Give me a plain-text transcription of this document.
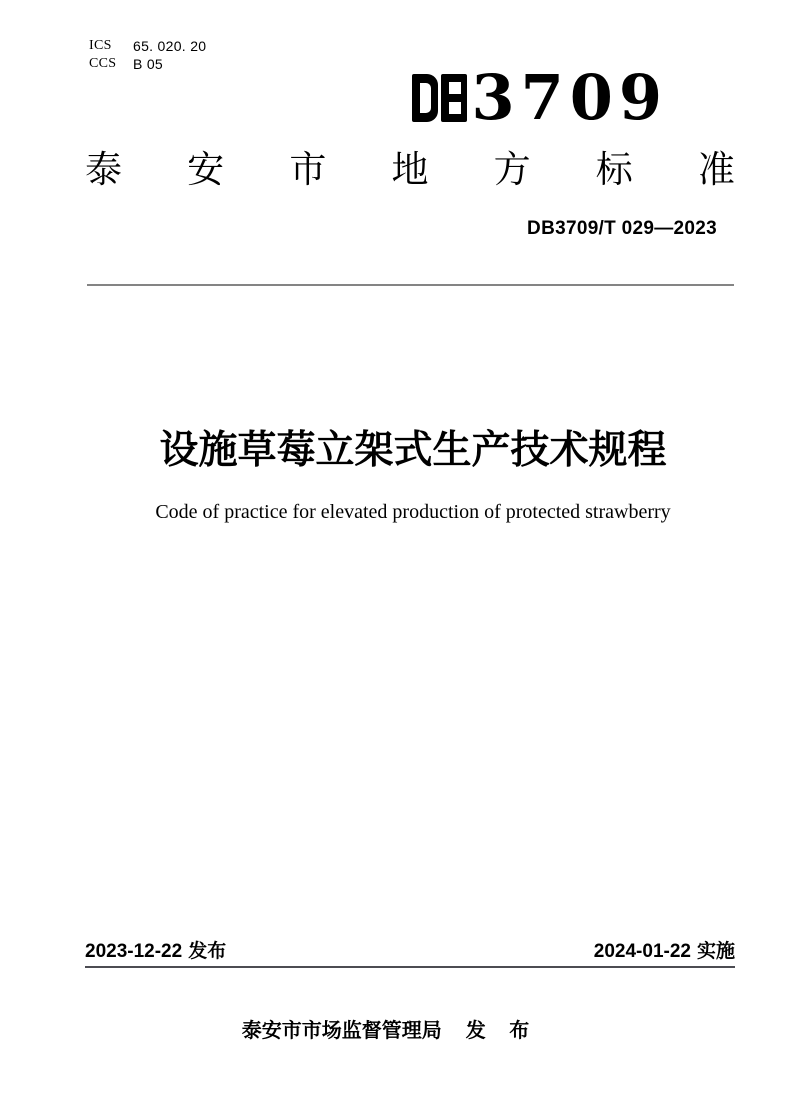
ICS	65. 020. 20
CCS	B 05	3709
泰 安 市 地 方 标 准
DB3709/T 029—2023
设施草莓立架式生产技术规程
Code of practice for elevated production of protected strawberry
2023-12-22 发布	2024-01-22 实施
泰安市市场监督管理局 发 布
